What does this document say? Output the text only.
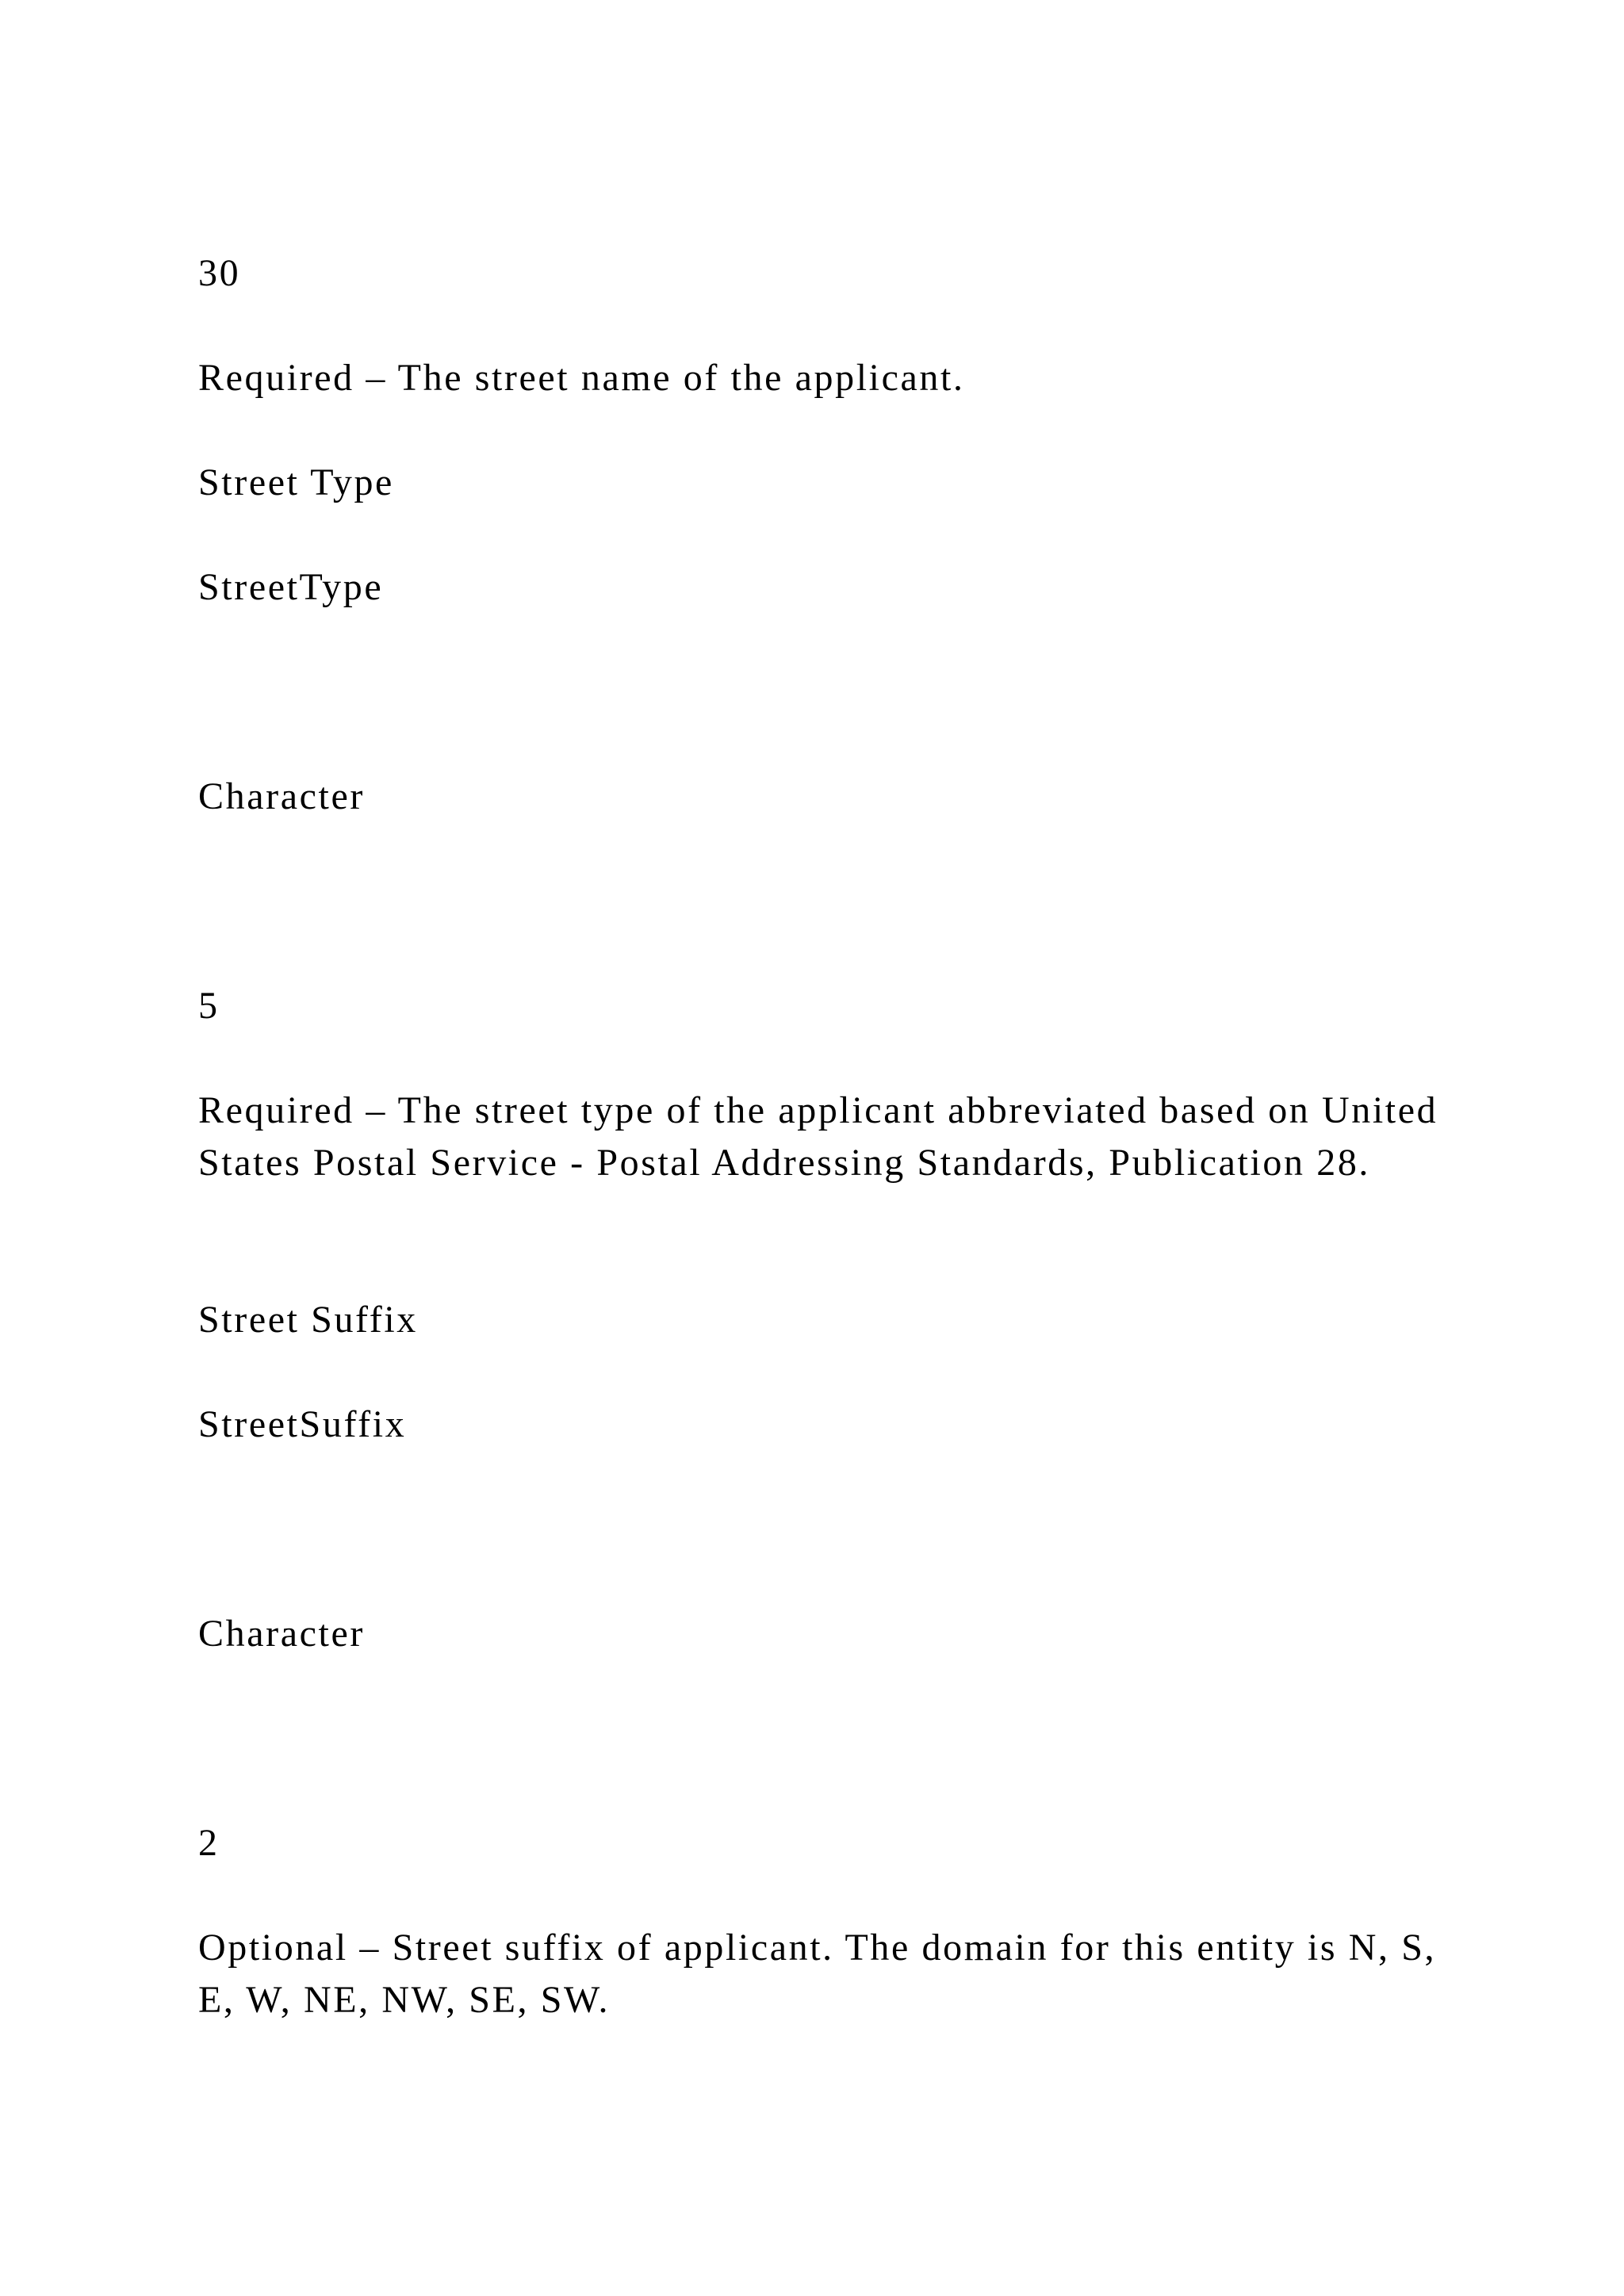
30

Required – The street name of the applicant.

Street Type

StreetType

Character

5

Required – The street type of the applicant abbreviated based on United States Postal Service - Postal Addressing Standards, Publication 28.

Street Suffix

StreetSuffix

Character

2

Optional – Street suffix of applicant. The domain for this entity is N, S, E, W, NE, NW, SE, SW.
